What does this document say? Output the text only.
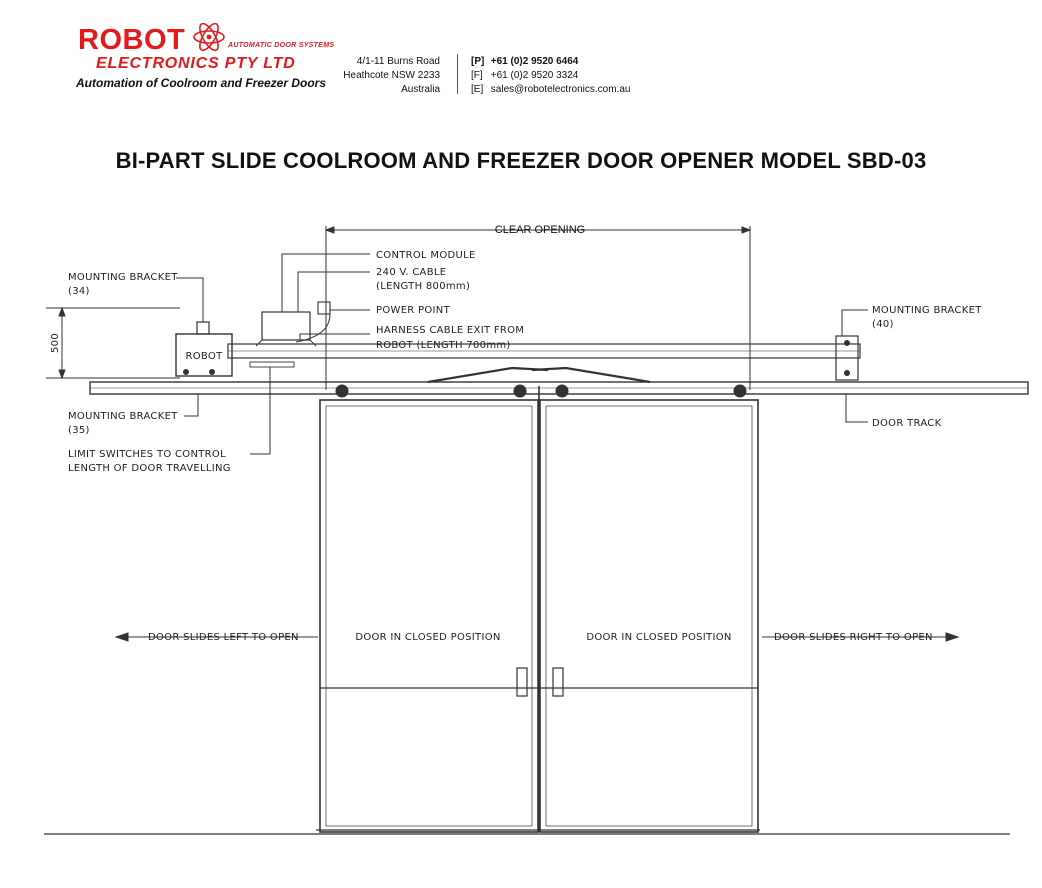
ROBOT	AUTOMATIC DOOR SYSTEMS
ELECTRONICS PTY LTD
Automation of Coolroom and Freezer Doors
4/1-11 Burns Road
Heathcote NSW 2233
Australia
[P] +61 (0)2 9520 6464
[F] +61 (0)2 9520 3324
[E] sales@robotelectronics.com.au
BI-PART SLIDE COOLROOM AND FREEZER DOOR OPENER MODEL SBD-03
CLEAR OPENING
CONTROL MODULE
240 V. CABLE
(LENGTH 800mm)
POWER POINT
HARNESS CABLE EXIT FROM
ROBOT (LENGTH 700mm)
MOUNTING BRACKET
(34)
MOUNTING BRACKET
(40)
MOUNTING BRACKET
(35)
LIMIT SWITCHES TO CONTROL
LENGTH OF DOOR TRAVELLING
DOOR TRACK
ROBOT
500
DOOR SLIDES LEFT TO OPEN	DOOR SLIDES RIGHT TO OPEN
DOOR IN CLOSED POSITION	DOOR IN CLOSED POSITION
